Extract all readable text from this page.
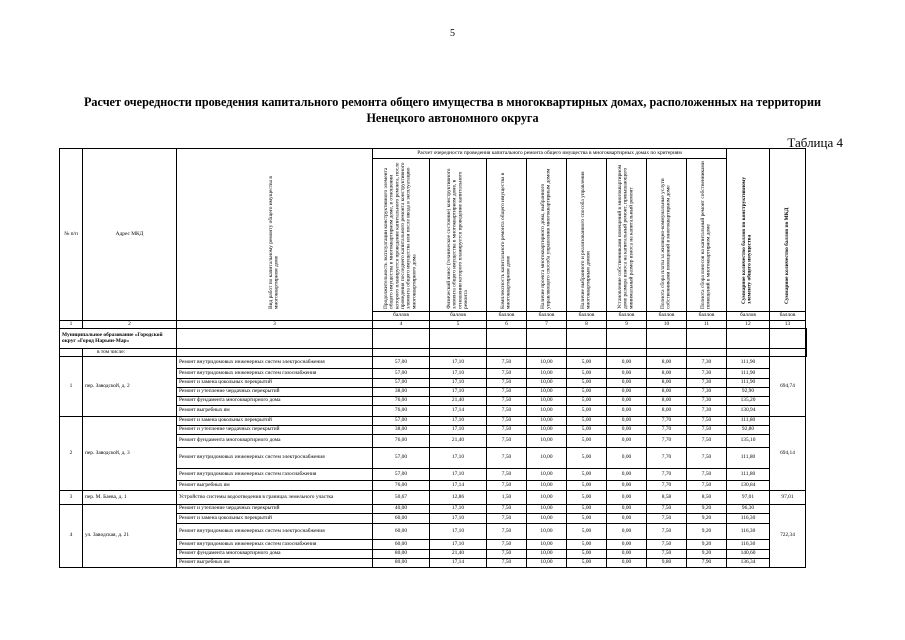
5
Расчет очередности проведения капитального ремонта общего имущества в многоквартирных домах, расположенных на территории
Ненецкого автономного округа
Таблица 4
№ п/п	Адрес МКД	Вид работ по капитальному ремонту общего имущества в многоквартирном доме	Расчет очередности проведения капитального ремонта общего имущества в многоквартирных домах по критериям								Суммарное количество баллов по конструктивному элементу общего имущества	Суммарное количество баллов по МКД	

			Продолжительность эксплуатации конструктивного элемента общего имущества в многоквартирном доме, в отношении которого планируется проведение капитального ремонта, после проведения последнего капитального ремонта конструктивного элемента общего имущества или после ввода в эксплуатацию многоквартирного дома	Физический износ (техническое состояние) конструктивного элемента общего имущества в многоквартирном доме, в отношении которого планируется проведение капитального ремонта	Комплексность капитального ремонта общего имущества в многоквартирном доме	Наличие проекта многоквартирного дома, выбранного управляющего способа управления многоквартирным домом	Наличие выбранного и реализованного способа управления многоквартирным домом	Установление собственниками помещений в многоквартирном доме размера взноса на капитальный ремонт, превышающего минимальный размер взноса на капитальный ремонт	Полнота сбора платы за жилищно-коммунальные услуги собственниками помещений в многоквартирном доме	Полнота сбора взносов на капитальный ремонт собственниками помещений в многоквартирном доме			

			баллов	баллов	баллов	баллов	баллов	баллов	баллов	баллов	баллов	баллов	
1	2	3	4	5	6	7	8	9	10	11	12	13	
Муниципальное образование «Городской округ «Город Нарьян-Мар»													
	в том числе:												
1	пер. Заводской, д. 2	Ремонт внутридомовых инженерных систем электроснабжения	57,00	17,10	7,50	10,00	5,00	0,00	8,00	7,30	111,90	694,74	
		Ремонт внутридомовых инженерных систем газоснабжения	57,00	17,10	7,50	10,00	5,00	0,00	8,00	7,30	111,90		
		Ремонт и замена цокольных перекрытий	57,00	17,10	7,50	10,00	5,00	0,00	8,00	7,30	111,90		
		Ремонт и утепление чердачных перекрытий	38,00	17,10	7,50	10,00	5,00	0,00	8,00	7,30	92,90		
		Ремонт фундамента многоквартирного дома	76,00	21,40	7,50	10,00	5,00	0,00	8,00	7,30	135,20		
		Ремонт выгребных ям	76,00	17,14	7,50	10,00	5,00	0,00	8,00	7,30	130,94		
2	пер. Заводской, д. 3	Ремонт и замена цокольных перекрытий	57,00	17,10	7,50	10,00	5,00	0,00	7,70	7,50	111,80	694,14	
		Ремонт и утепление чердачных перекрытий	38,00	17,10	7,50	10,00	5,00	0,00	7,70	7,50	92,80		
		Ремонт фундамента многоквартирного дома	76,00	21,40	7,50	10,00	5,00	0,00	7,70	7,50	135,10		
		Ремонт внутридомовых инженерных систем электроснабжения	57,00	17,10	7,50	10,00	5,00	0,00	7,70	7,50	111,80		
		Ремонт внутридомовых инженерных систем газоснабжения	57,00	17,10	7,50	10,00	5,00	0,00	7,70	7,50	111,80		
		Ремонт выгребных ям	76,00	17,14	7,50	10,00	5,00	0,00	7,70	7,50	130,84		
3	пер. М. Баева, д. 1	Устройство системы водоотведения в границах земельного участка	50,67	12,86	1,50	10,00	5,00	0,00	8,58	8,50	97,01	97,01	
4	ул. Заводская, д. 21	Ремонт и утепление чердачных перекрытий	40,00	17,10	7,50	10,00	5,00	0,00	7,50	9,20	96,30	722,34	
		Ремонт и замена цокольных перекрытий	60,00	17,10	7,50	10,00	5,00	0,00	7,50	9,20	116,30		
		Ремонт внутридомовых инженерных систем электроснабжения	60,00	17,10	7,50	10,00	5,00	0,00	7,50	9,20	116,30		
		Ремонт внутридомовых инженерных систем газоснабжения	60,00	17,10	7,50	10,00	5,00	0,00	7,50	9,20	116,30		
		Ремонт фундамента многоквартирного дома	80,00	21,40	7,50	10,00	5,00	0,00	7,50	9,20	140,60		
		Ремонт выгребных ям	80,00	17,14	7,50	10,00	5,00	0,00	9,80	7,90	136,34		
